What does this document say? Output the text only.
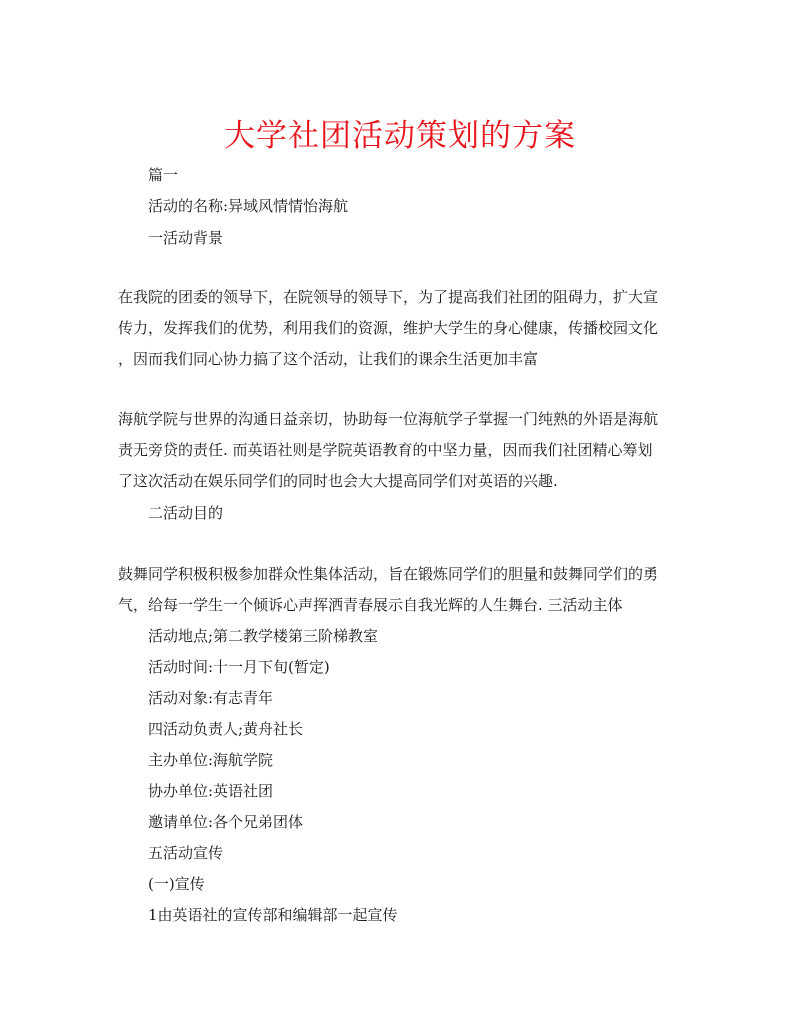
大学社团活动策划的方案
篇一
活动的名称:异域风情情怡海航
一活动背景
在我院的团委的领导下，在院领导的领导下，为了提高我们社团的阻碍力，扩大宣
传力，发挥我们的优势，利用我们的资源，维护大学生的身心健康，传播校园文化
，因而我们同心协力搞了这个活动，让我们的课余生活更加丰富
海航学院与世界的沟通日益亲切，协助每一位海航学子掌握一门纯熟的外语是海航
责无旁贷的责任. 而英语社则是学院英语教育的中坚力量，因而我们社团精心筹划
了这次活动在娱乐同学们的同时也会大大提高同学们对英语的兴趣.
二活动目的
鼓舞同学积极积极参加群众性集体活动，旨在锻炼同学们的胆量和鼓舞同学们的勇
气，给每一学生一个倾诉心声挥洒青春展示自我光辉的人生舞台. 三活动主体
活动地点;第二教学楼第三阶梯教室
活动时间:十一月下旬(暂定)
活动对象:有志青年
四活动负责人;黄舟社长
主办单位:海航学院
协办单位:英语社团
邀请单位:各个兄弟团体
五活动宣传
(一)宣传
1由英语社的宣传部和编辑部一起宣传
